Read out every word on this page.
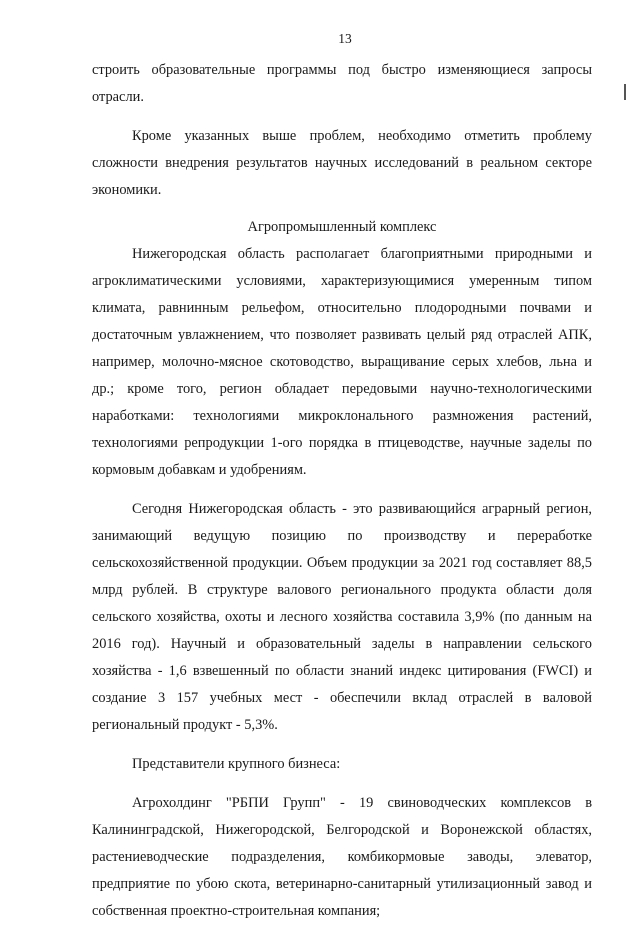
13

строить образовательные программы под быстро изменяющиеся запросы отрасли.

Кроме указанных выше проблем, необходимо отметить проблему сложности внедрения результатов научных исследований в реальном секторе экономики.

Агропромышленный комплекс

Нижегородская область располагает благоприятными природными и агроклиматическими условиями, характеризующимися умеренным типом климата, равнинным рельефом, относительно плодородными почвами и достаточным увлажнением, что позволяет развивать целый ряд отраслей АПК, например, молочно-мясное скотоводство, выращивание серых хлебов, льна и др.; кроме того, регион обладает передовыми научно-технологическими наработками: технологиями микроклонального размножения растений, технологиями репродукции 1-ого порядка в птицеводстве, научные заделы по кормовым добавкам и удобрениям.

Сегодня Нижегородская область - это развивающийся аграрный регион, занимающий ведущую позицию по производству и переработке сельскохозяйственной продукции. Объем продукции за 2021 год составляет 88,5 млрд рублей. В структуре валового регионального продукта области доля сельского хозяйства, охоты и лесного хозяйства составила 3,9% (по данным на 2016 год). Научный и образовательный заделы в направлении сельского хозяйства - 1,6 взвешенный по области знаний индекс цитирования (FWCI) и создание 3 157 учебных мест - обеспечили вклад отраслей в валовой региональный продукт - 5,3%.

Представители крупного бизнеса:

Агрохолдинг "РБПИ Групп" - 19 свиноводческих комплексов в Калининградской, Нижегородской, Белгородской и Воронежской областях, растениеводческие подразделения, комбикормовые заводы, элеватор, предприятие по убою скота, ветеринарно-санитарный утилизационный завод и собственная проектно-строительная компания;
